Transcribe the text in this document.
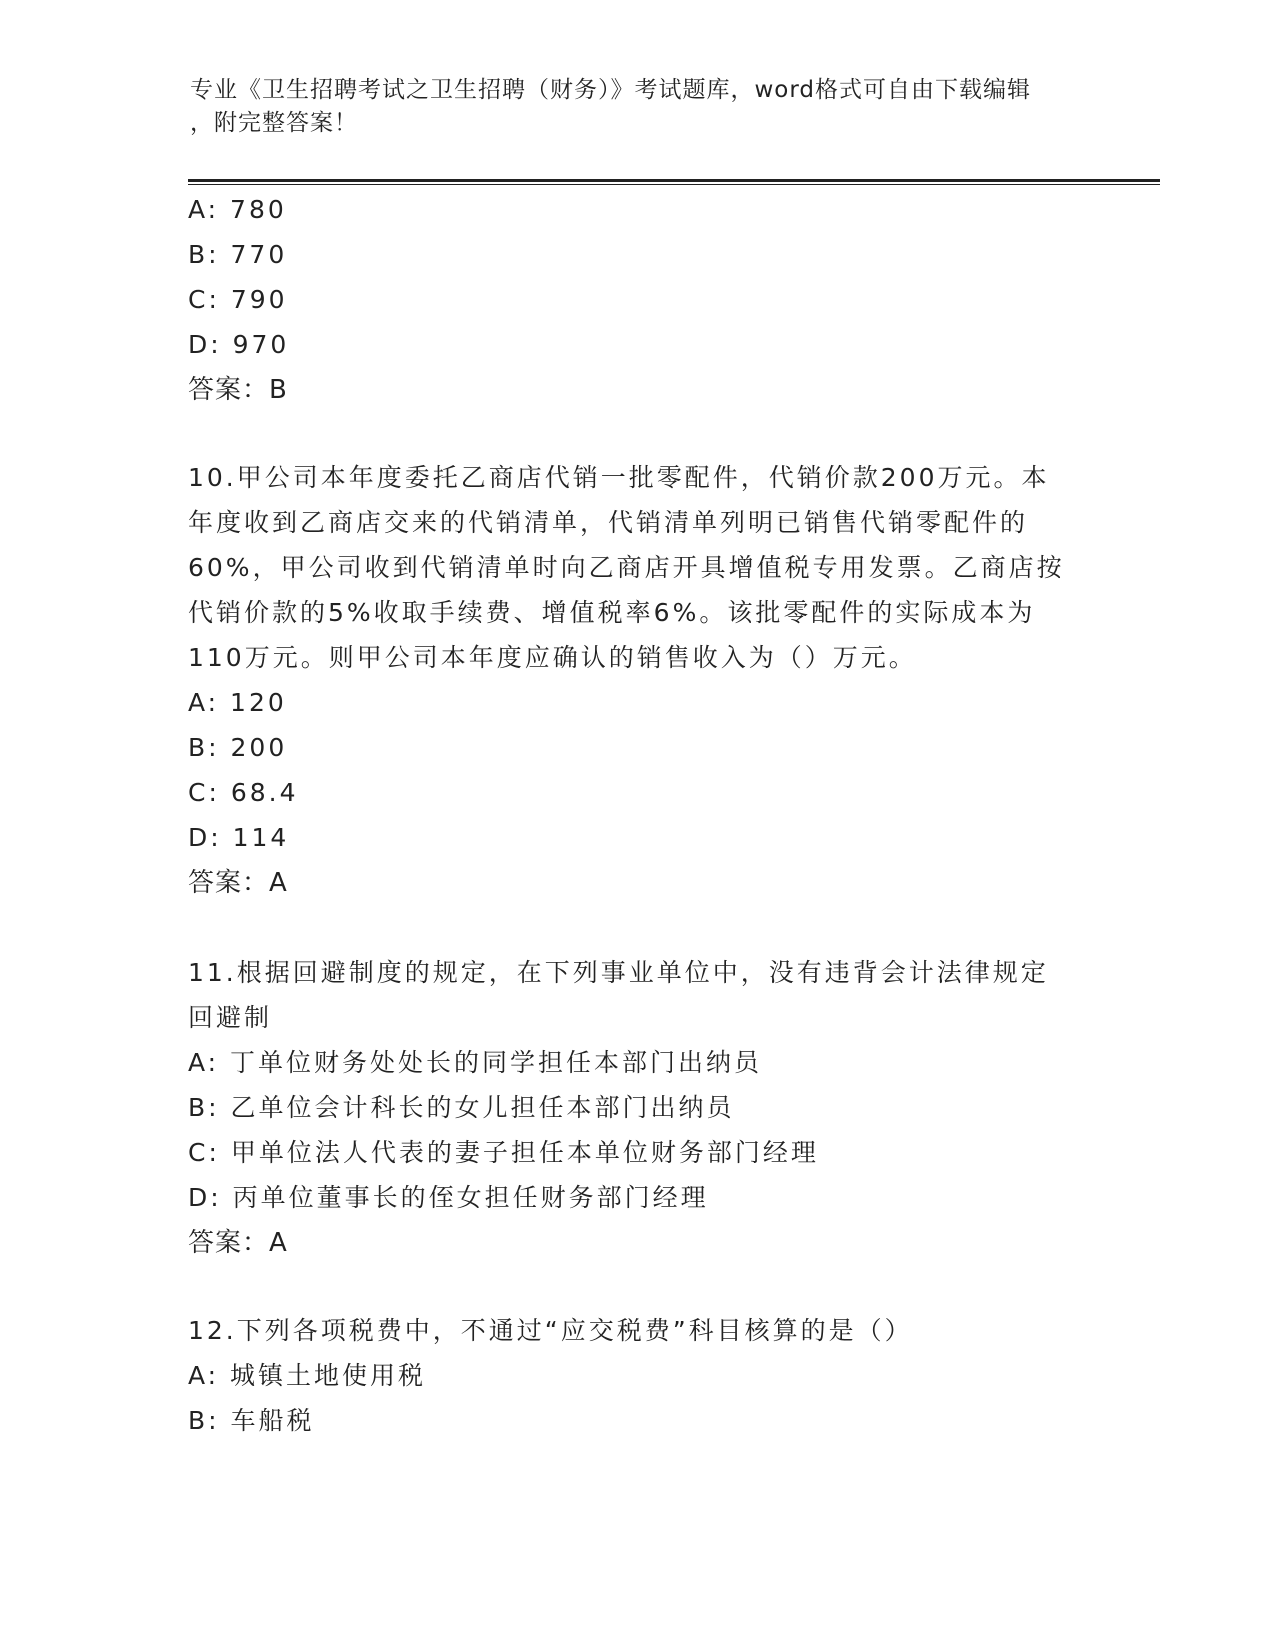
专业《卫生招聘考试之卫生招聘（财务）》考试题库，word格式可自由下载编辑
，附完整答案！
A: 780
B: 770
C: 790
D: 970
答案：B
10.甲公司本年度委托乙商店代销一批零配件，代销价款200万元。本
年度收到乙商店交来的代销清单，代销清单列明已销售代销零配件的
60%，甲公司收到代销清单时向乙商店开具增值税专用发票。乙商店按
代销价款的5%收取手续费、增值税率6%。该批零配件的实际成本为
110万元。则甲公司本年度应确认的销售收入为（）万元。
A: 120
B: 200
C: 68.4
D: 114
答案：A
11.根据回避制度的规定，在下列事业单位中，没有违背会计法律规定
回避制
A: 丁单位财务处处长的同学担任本部门出纳员
B: 乙单位会计科长的女儿担任本部门出纳员
C: 甲单位法人代表的妻子担任本单位财务部门经理
D: 丙单位董事长的侄女担任财务部门经理
答案：A
12.下列各项税费中，不通过“应交税费”科目核算的是（）
A: 城镇土地使用税
B: 车船税
